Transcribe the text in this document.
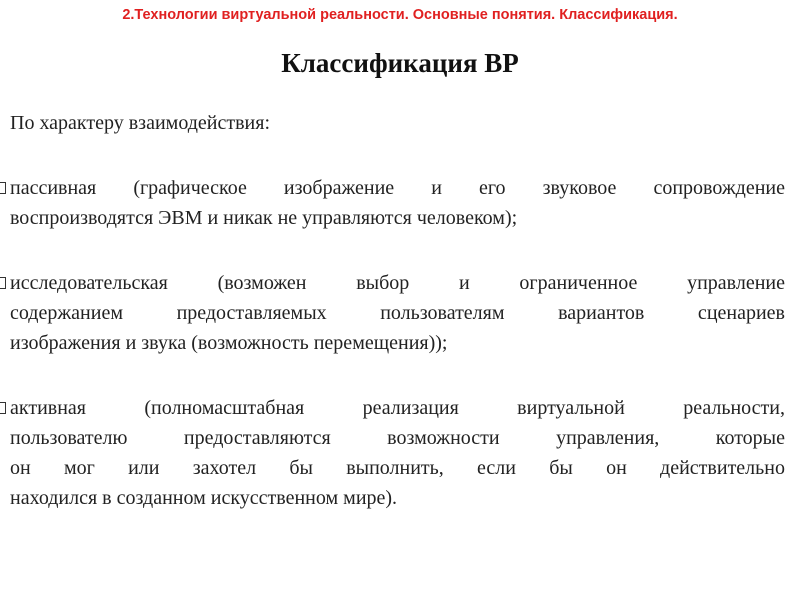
2.Технологии виртуальной реальности. Основные понятия. Классификация.
Классификация ВР
По характеру взаимодействия:
пассивная (графическое изображение и его звуковое сопровождение
воспроизводятся ЭВМ и никак не управляются человеком);
исследовательская (возможен выбор и ограниченное управление
содержанием предоставляемых пользователям вариантов сценариев
изображения и звука (возможность перемещения));
активная (полномасштабная реализация виртуальной реальности,
пользователю предоставляются возможности управления, которые
он мог или захотел бы выполнить, если бы он действительно
находился в созданном искусственном мире).
